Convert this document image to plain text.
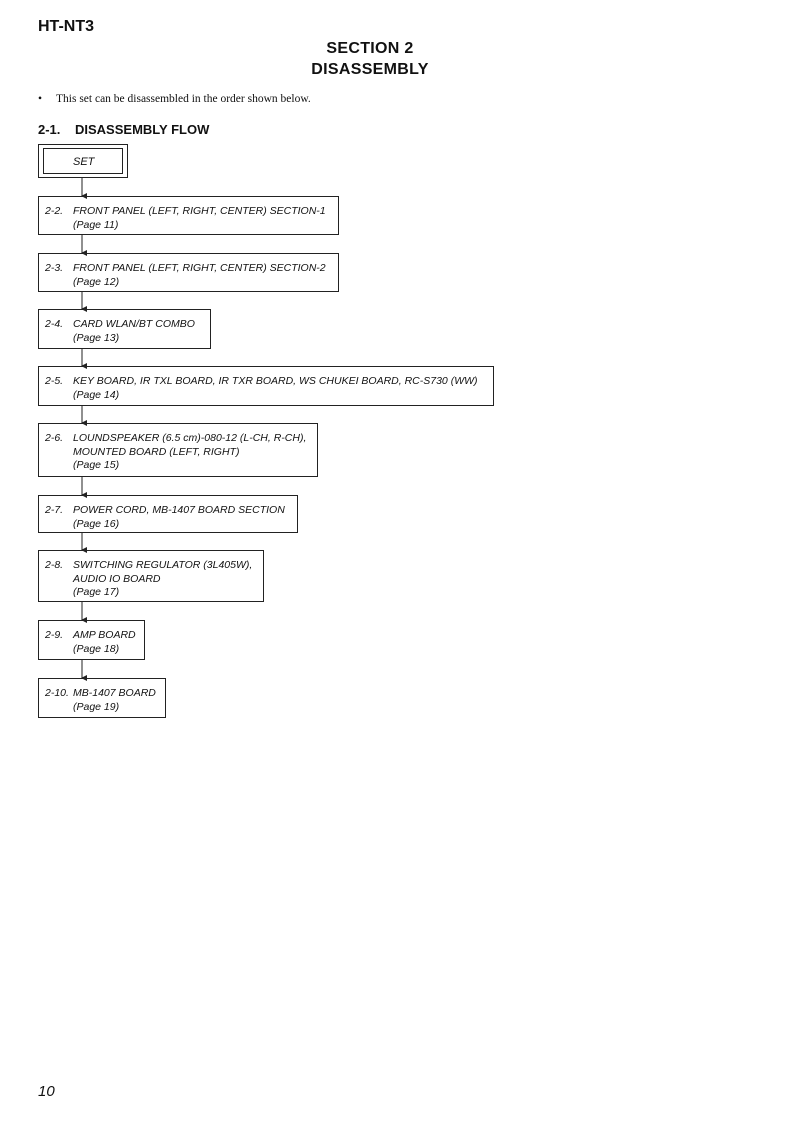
HT-NT3
SECTION 2
DISASSEMBLY
• This set can be disassembled in the order shown below.
2-1. DISASSEMBLY FLOW
SET
2-2. FRONT PANEL (LEFT, RIGHT, CENTER) SECTION-1
(Page 11)
2-3. FRONT PANEL (LEFT, RIGHT, CENTER) SECTION-2
(Page 12)
2-4. CARD WLAN/BT COMBO
(Page 13)
2-5. KEY BOARD, IR TXL BOARD, IR TXR BOARD, WS CHUKEI BOARD, RC-S730 (WW)
(Page 14)
2-6. LOUNDSPEAKER (6.5 cm)-080-12 (L-CH, R-CH),
MOUNTED BOARD (LEFT, RIGHT)
(Page 15)
2-7. POWER CORD, MB-1407 BOARD SECTION
(Page 16)
2-8. SWITCHING REGULATOR (3L405W),
AUDIO IO BOARD
(Page 17)
2-9. AMP BOARD
(Page 18)
2-10. MB-1407 BOARD
(Page 19)
10
